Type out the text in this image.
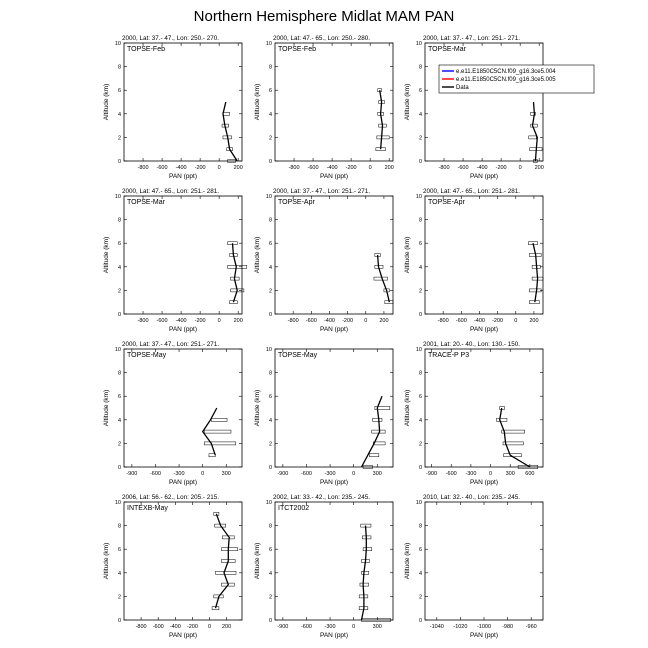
Northern Hemisphere Midlat MAM PAN
2000, Lat: 37.- 47., Lon: 250.- 270.
0
2
4
6
8
10
-800 -600 -400 -200 0 200
PAN (ppt)
Altitude (km)
TOPSE-Feb
2000, Lat: 47.- 65., Lon: 250.- 280.
0
2
4
6
8
10
-800 -600 -400 -200 0 200
PAN (ppt)
Altitude (km)
TOPSE-Feb
2000, Lat: 37.- 47., Lon: 251.- 271.
0
2
4
6
8
10
-800 -600 -400 -200 0 200
PAN (ppt)
Altitude (km)
TOPSE-Mar
e.e11.E1850C5CN.f09_g16.3ce5.004
e.e11.E1850C5CN.f09_g16.3ce5.005
Data
2000, Lat: 47.- 65., Lon: 251.- 281.
0
2
4
6
8
10
-800 -600 -400 -200 0 200
PAN (ppt)
Altitude (km)
TOPSE-Mar
2000, Lat: 37.- 47., Lon: 251.- 271.
0
2
4
6
8
10
-800 -600 -400 -200 0 200
PAN (ppt)
Altitude (km)
TOPSE-Apr
2000, Lat: 47.- 65., Lon: 251.- 281.
0
2
4
6
8
10
-800 -600 -400 -200 0 200
PAN (ppt)
Altitude (km)
TOPSE-Apr
2000, Lat: 37.- 47., Lon: 251.- 271.
0
2
4
6
8
10
-900 -600 -300	0	300
PAN (ppt)
Altitude (km)
TOPSE-May
0
2
4
6
8
10
-900 -600 -300	0	300
PAN (ppt)
Altitude (km)
TOPSE-May
2001, Lat: 20.- 40., Lon: 130.- 150.
0
2
4
6
8
10
-900 -600 -300 0 300 600
PAN (ppt)
Altitude (km)
TRACE-P P3
2006, Lat: 56.- 62., Lon: 205.- 215.
0
2
4
6
8
10
-800 -600 -400 -200 0 200
PAN (ppt)
Altitude (km)
INTEXB-May
2002, Lat: 33.- 42., Lon: 235.- 245.
0
2
4
6
8
10
-900 -600 -300	0	300
PAN (ppt)
Altitude (km)
ITCT2002
2010, Lat: 32.- 40., Lon: 235.- 245.
0
2
4
6
8
10
-1040 -1020 -1000 -980 -960
PAN (ppt)
Altitude (km)
